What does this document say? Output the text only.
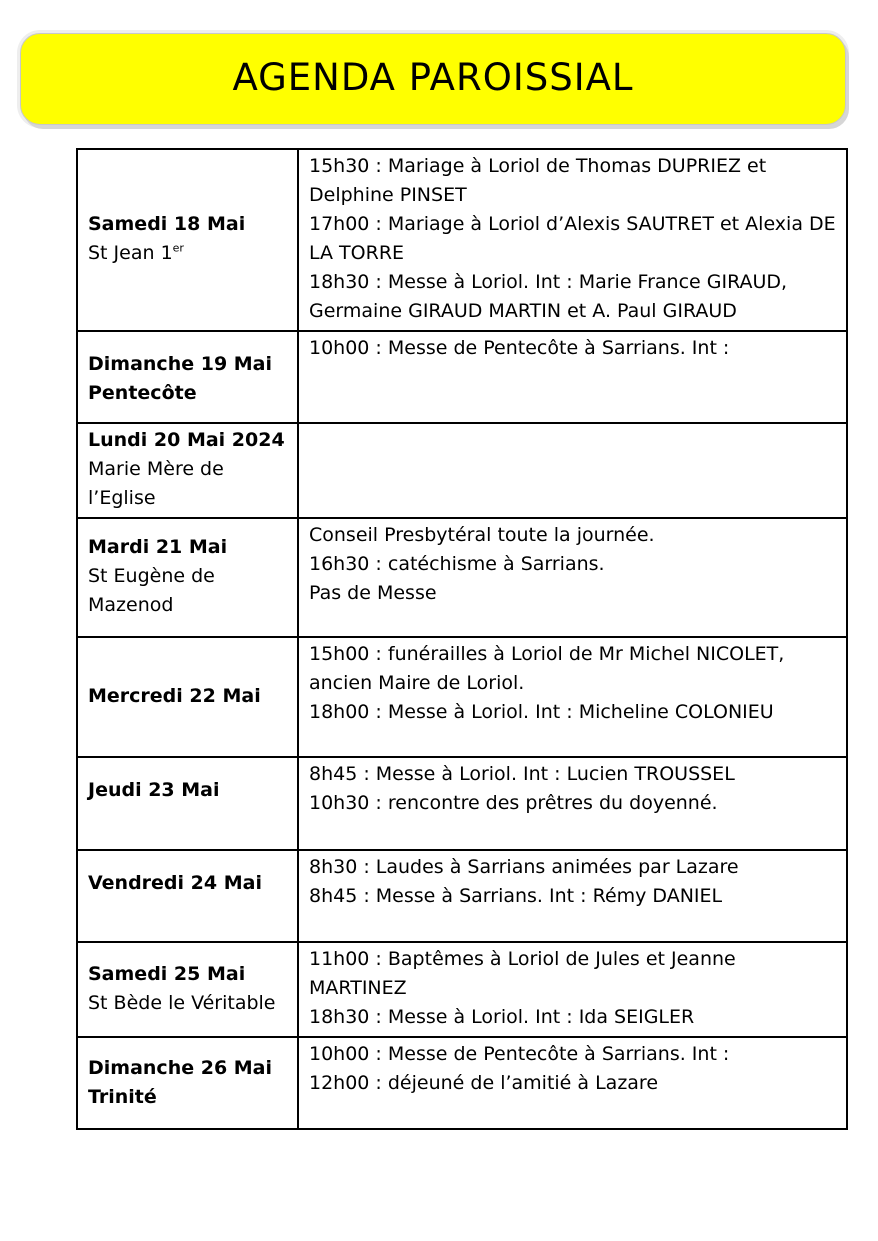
AGENDA PAROISSIAL
Samedi 18 Mai
St Jean 1er	15h30 : Mariage à Loriol de Thomas DUPRIEZ et Delphine PINSET
17h00 : Mariage à Loriol d’Alexis SAUTRET et Alexia DE LA TORRE
18h30 : Messe à Loriol. Int : Marie France GIRAUD, Germaine GIRAUD MARTIN et A. Paul GIRAUD

Dimanche 19 Mai
Pentecôte	10h00 : Messe de Pentecôte à Sarrians. Int :

Lundi 20 Mai 2024
Marie Mère de l’Eglise	

Mardi 21 Mai
St Eugène de Mazenod	Conseil Presbytéral toute la journée.
16h30 : catéchisme à Sarrians.
Pas de Messe

Mercredi 22 Mai	15h00 : funérailles à Loriol de Mr Michel NICOLET, ancien Maire de Loriol.
18h00 : Messe à Loriol. Int : Micheline COLONIEU

Jeudi 23 Mai	8h45 : Messe à Loriol. Int : Lucien TROUSSEL
10h30 : rencontre des prêtres du doyenné.

Vendredi 24 Mai	8h30 : Laudes à Sarrians animées par Lazare
8h45 : Messe à Sarrians. Int : Rémy DANIEL

Samedi 25 Mai
St Bède le Véritable	11h00 : Baptêmes à Loriol de Jules et Jeanne MARTINEZ
18h30 : Messe à Loriol. Int : Ida SEIGLER

Dimanche 26 Mai
Trinité	10h00 : Messe de Pentecôte à Sarrians. Int :
12h00 : déjeuné de l’amitié à Lazare
